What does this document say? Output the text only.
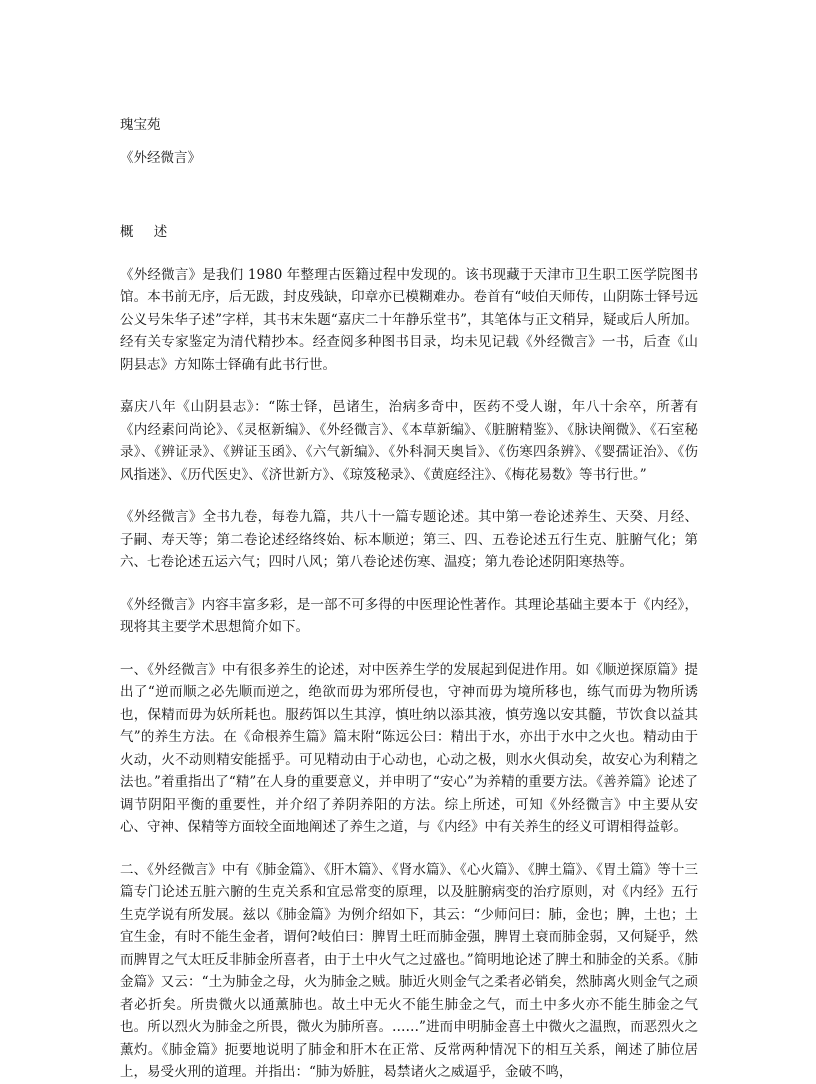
瑰宝苑

《外经微言》

概 述

《外经微言》是我们 1980 年整理古医籍过程中发现的。该书现藏于天津市卫生职工医学院图书馆。本书前无序，后无跋，封皮残缺，印章亦已模糊难办。卷首有“岐伯天师传，山阴陈士铎号远公义号朱华子述”字样，其书末朱题“嘉庆二十年静乐堂书”，其笔体与正文稍异，疑或后人所加。经有关专家鉴定为清代精抄本。经查阅多种图书目录，均未见记载《外经微言》一书，后查《山阴县志》方知陈士铎确有此书行世。

嘉庆八年《山阴县志》：“陈士铎，邑诸生，治病多奇中，医药不受人谢，年八十余卒，所著有《内经素问尚论》、《灵枢新编》、《外经微言》、《本草新编》、《脏腑精鉴》、《脉诀阐微》、《石室秘录》、《辨证录》、《辨证玉函》、《六气新编》、《外科洞天奥旨》、《伤寒四条辨》、《婴孺证治》、《伤风指迷》、《历代医史》、《济世新方》、《琼笈秘录》、《黄庭经注》、《梅花易数》等书行世。”

《外经微言》全书九卷，每卷九篇，共八十一篇专题论述。其中第一卷论述养生、天癸、月经、子嗣、寿天等；第二卷论述经络终始、标本顺逆；第三、四、五卷论述五行生克、脏腑气化；第六、七卷论述五运六气；四时八风；第八卷论述伤寒、温疫；第九卷论述阴阳寒热等。

《外经微言》内容丰富多彩，是一部不可多得的中医理论性著作。其理论基础主要本于《内经》，现将其主要学术思想简介如下。

一、《外经微言》中有很多养生的论述，对中医养生学的发展起到促进作用。如《顺逆探原篇》提出了“逆而顺之必先顺而逆之，绝欲而毋为邪所侵也，守神而毋为境所移也，练气而毋为物所诱也，保精而毋为妖所耗也。服药饵以生其淳，慎吐纳以添其液，慎劳逸以安其髓，节饮食以益其气”的养生方法。在《命根养生篇》篇末附“陈远公曰：精出于水，亦出于水中之火也。精动由于火动，火不动则精安能摇乎。可见精动由于心动也，心动之极，则水火俱动矣，故安心为利精之法也。”着重指出了“精”在人身的重要意义，并申明了“安心”为养精的重要方法。《善养篇》论述了调节阴阳平衡的重要性，并介绍了养阴养阳的方法。综上所述，可知《外经微言》中主要从安心、守神、保精等方面较全面地阐述了养生之道，与《内经》中有关养生的经义可谓相得益彰。

二、《外经微言》中有《肺金篇》、《肝木篇》、《肾水篇》、《心火篇》、《脾土篇》、《胃土篇》等十三篇专门论述五脏六腑的生克关系和宜忌常变的原理，以及脏腑病变的治疗原则，对《内经》五行生克学说有所发展。兹以《肺金篇》为例介绍如下，其云：“少师问曰：肺，金也；脾，土也；土宜生金，有时不能生金者，谓何?岐伯曰：脾胃土旺而肺金强，脾胃土衰而肺金弱，又何疑乎，然而脾胃之气太旺反非肺金所喜者，由于土中火气之过盛也。”简明地论述了脾土和肺金的关系。《肺金篇》又云：“土为肺金之母，火为肺金之贼。肺近火则金气之柔者必销矣，然肺离火则金气之顽者必折矣。所贵微火以通薰肺也。故土中无火不能生肺金之气，而土中多火亦不能生肺金之气也。所以烈火为肺金之所畏，微火为肺所喜。……”进而申明肺金喜土中微火之温煦，而恶烈火之薰灼。《肺金篇》扼要地说明了肺金和肝木在正常、反常两种情况下的相互关系，阐述了肺位居上，易受火刑的道理。并指出：“肺为娇脏，曷禁诸火之威逼乎，金破不鸣，
